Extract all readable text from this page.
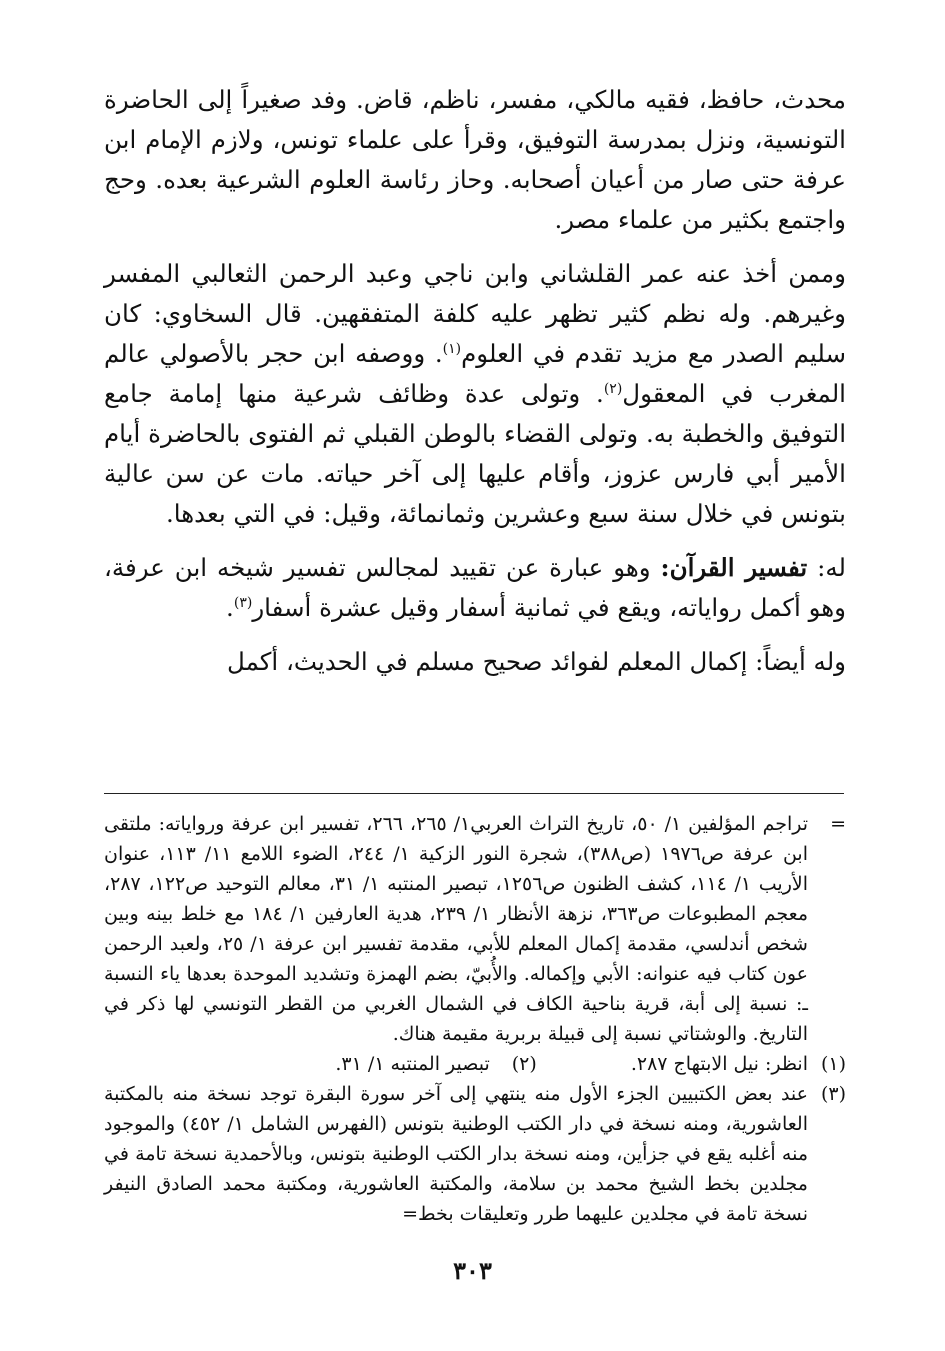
محدث، حافظ، فقيه مالكي، مفسر، ناظم، قاض. وفد صغيراً إلى الحاضرة التونسية، ونزل بمدرسة التوفيق، وقرأ على علماء تونس، ولازم الإمام ابن عرفة حتى صار من أعيان أصحابه. وحاز رئاسة العلوم الشرعية بعده. وحج واجتمع بكثير من علماء مصر.

وممن أخذ عنه عمر القلشاني وابن ناجي وعبد الرحمن الثعالبي المفسر وغيرهم. وله نظم كثير تظهر عليه كلفة المتفقهين. قال السخاوي: كان سليم الصدر مع مزيد تقدم في العلوم$^{(١)}$. ووصفه ابن حجر بالأصولي عالم المغرب في المعقول$^{(٢)}$. وتولى عدة وظائف شرعية منها إمامة جامع التوفيق والخطبة به. وتولى القضاء بالوطن القبلي ثم الفتوى بالحاضرة أيام الأمير أبي فارس عزوز، وأقام عليها إلى آخر حياته. مات عن سن عالية بتونس في خلال سنة سبع وعشرين وثمانمائة، وقيل: في التي بعدها.

له: تفسير القرآن: وهو عبارة عن تقييد لمجالس تفسير شيخه ابن عرفة، وهو أكمل رواياته، ويقع في ثمانية أسفار وقيل عشرة أسفار$^{(٣)}$.

وله أيضاً: إكمال المعلم لفوائد صحيح مسلم في الحديث، أكمل

=
تراجم المؤلفين ١/ ٥٠، تاريخ التراث العربي١/ ٢٦٥، ٢٦٦، تفسير ابن عرفة ورواياته: ملتقى ابن عرفة ص١٩٧٦ (ص٣٨٨)، شجرة النور الزكية ١/ ٢٤٤، الضوء اللامع ١١/ ١١٣، عنوان الأريب ١/ ١١٤، كشف الظنون ص١٢٥٦، تبصير المنتبه ١/ ٣١، معالم التوحيد ص١٢٢، ٢٨٧، معجم المطبوعات ص٣٦٣، نزهة الأنظار ١/ ٢٣٩، هدية العارفين ١/ ١٨٤ مع خلط بينه وبين شخص أندلسي، مقدمة إكمال المعلم للأبي، مقدمة تفسير ابن عرفة ١/ ٢٥، ولعبد الرحمن عون كتاب فيه عنوانه: الأبي وإكماله. والأُبيّ، بضم الهمزة وتشديد الموحدة بعدها ياء النسبة ـ: نسبة إلى أبة، قرية بناحية الكاف في الشمال الغربي من القطر التونسي لها ذكر في التاريخ. والوشتاتي نسبة إلى قبيلة بربرية مقيمة هناك.
(١)
انظر: نيل الابتهاج ٢٨٧.
(٢)
تبصير المنتبه ١/ ٣١.
(٣)
عند بعض الكتبيين الجزء الأول منه ينتهي إلى آخر سورة البقرة توجد نسخة منه بالمكتبة العاشورية، ومنه نسخة في دار الكتب الوطنية بتونس (الفهرس الشامل ١/ ٤٥٢) والموجود منه أغلبه يقع في جزأين، ومنه نسخة بدار الكتب الوطنية بتونس، وبالأحمدية نسخة تامة في مجلدين بخط الشيخ محمد بن سلامة، والمكتبة العاشورية، ومكتبة محمد الصادق النيفر نسخة تامة في مجلدين عليهما طرر وتعليقات بخط=
٣٠٣
